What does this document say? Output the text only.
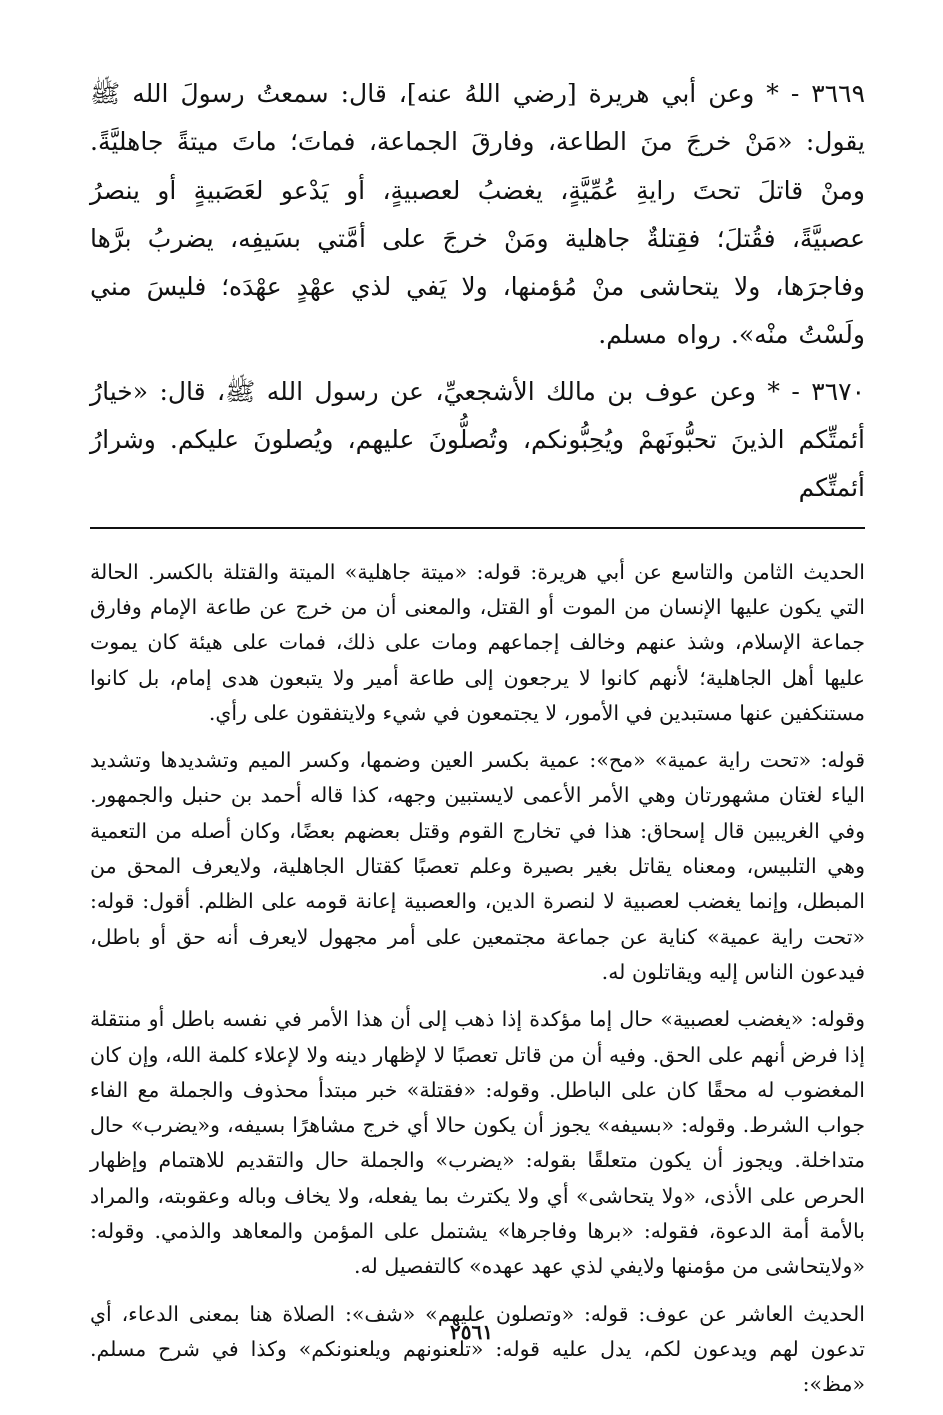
٣٦٦٩ - * وعن أبي هريرة [رضي اللهُ عنه]، قال: سمعتُ رسولَ الله ﷺ يقول: «مَنْ خرجَ منَ الطاعة، وفارقَ الجماعة، فماتَ؛ ماتَ ميتةً جاهليَّةً. ومنْ قاتلَ تحتَ رايةِ عُمِّيَّةٍ، يغضبُ لعصبيةٍ، أو يَدْعو لعَصَبيةٍ أو ينصرُ عصبيَّةً، فقُتلَ؛ فقِتلةٌ جاهلية ومَنْ خرجَ على أمَّتي بسَيفِه، يضربُ برَّها وفاجرَها، ولا يتحاشى منْ مُؤمنها، ولا يَفي لذي عهْدٍ عهْدَه؛ فليسَ مني ولَسْتُ منْه». رواه مسلم.

٣٦٧٠ - * وعن عوف بن مالك الأشجعيِّ، عن رسول الله ﷺ، قال: «خيارُ أئمتِّكم الذينَ تحبُّونَهمْ ويُحِبُّونكم، وتُصلُّونَ عليهم، ويُصلونَ عليكم. وشرارُ أئمتِّكم

الحديث الثامن والتاسع عن أبي هريرة: قوله: «ميتة جاهلية» الميتة والقتلة بالكسر. الحالة التي يكون عليها الإنسان من الموت أو القتل، والمعنى أن من خرج عن طاعة الإمام وفارق جماعة الإسلام، وشذ عنهم وخالف إجماعهم ومات على ذلك، فمات على هيئة كان يموت عليها أهل الجاهلية؛ لأنهم كانوا لا يرجعون إلى طاعة أمير ولا يتبعون هدى إمام، بل كانوا مستنكفين عنها مستبدين في الأمور، لا يجتمعون في شيء ولايتفقون على رأي.

قوله: «تحت راية عمية» «مح»: عمية بكسر العين وضمها، وكسر الميم وتشديدها وتشديد الياء لغتان مشهورتان وهي الأمر الأعمى لايستبين وجهه، كذا قاله أحمد بن حنبل والجمهور. وفي الغريبين قال إسحاق: هذا في تخارج القوم وقتل بعضهم بعضًا، وكان أصله من التعمية وهي التلبيس، ومعناه يقاتل بغير بصيرة وعلم تعصبًا كقتال الجاهلية، ولايعرف المحق من المبطل، وإنما يغضب لعصبية لا لنصرة الدين، والعصبية إعانة قومه على الظلم. أقول: قوله: «تحت راية عمية» كناية عن جماعة مجتمعين على أمر مجهول لايعرف أنه حق أو باطل، فيدعون الناس إليه ويقاتلون له.

وقوله: «يغضب لعصبية» حال إما مؤكدة إذا ذهب إلى أن هذا الأمر في نفسه باطل أو منتقلة إذا فرض أنهم على الحق. وفيه أن من قاتل تعصبًا لا لإظهار دينه ولا لإعلاء كلمة الله، وإن كان المغضوب له محقًا كان على الباطل. وقوله: «فقتلة» خبر مبتدأ محذوف والجملة مع الفاء جواب الشرط. وقوله: «بسيفه» يجوز أن يكون حالا أي خرج مشاهرًا بسيفه، و«يضرب» حال متداخلة. ويجوز أن يكون متعلقًا بقوله: «يضرب» والجملة حال والتقديم للاهتمام وإظهار الحرص على الأذى، «ولا يتحاشى» أي ولا يكترث بما يفعله، ولا يخاف وباله وعقوبته، والمراد بالأمة أمة الدعوة، فقوله: «برها وفاجرها» يشتمل على المؤمن والمعاهد والذمي. وقوله: «ولايتحاشى من مؤمنها ولايفي لذي عهد عهده» كالتفصيل له.

الحديث العاشر عن عوف: قوله: «وتصلون عليهم» «شف»: الصلاة هنا بمعنى الدعاء، أي تدعون لهم ويدعون لكم، يدل عليه قوله: «تلعنونهم ويلعنونكم» وكذا في شرح مسلم. «مظ»:

٢٥٦١
